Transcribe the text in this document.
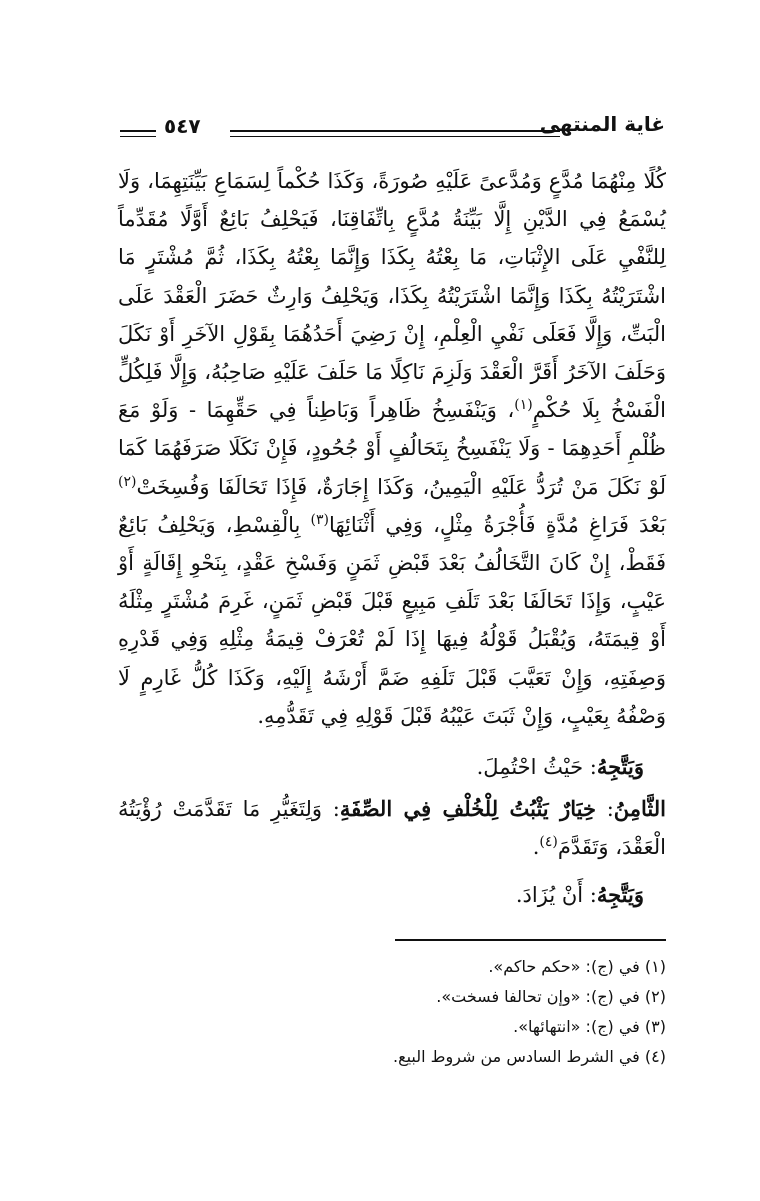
٥٤٧	غاية المنتهى

كُلًا مِنْهُمَا مُدَّعٍ وَمُدَّعىً عَلَيْهِ صُورَةً، وَكَذَا حُكْماً لِسَمَاعِ بَيِّنَتِهِمَا، وَلَا يُسْمَعُ فِي الدَّيْنِ إِلَّا بَيِّنَةُ مُدَّعٍ بِاتِّفَاقِنَا، فَيَحْلِفُ بَائِعٌ أَوَّلًا مُقَدِّماً لِلنَّفْيِ عَلَى الإِثْبَاتِ، مَا بِعْتُهُ بِكَذَا وَإِنَّمَا بِعْتُهُ بِكَذَا، ثُمَّ مُشْتَرٍ مَا اشْتَرَيْتُهُ بِكَذَا وَإِنَّمَا اشْتَرَيْتُهُ بِكَذَا، وَيَحْلِفُ وَارِثٌ حَضَرَ الْعَقْدَ عَلَى الْبَتِّ، وَإِلَّا فَعَلَى نَفْيِ الْعِلْمِ، إِنْ رَضِيَ أَحَدُهُمَا بِقَوْلِ الآخَرِ أَوْ نَكَلَ وَحَلَفَ الآخَرُ أَقَرَّ الْعَقْدَ وَلَزِمَ نَاكِلًا مَا حَلَفَ عَلَيْهِ صَاحِبُهُ، وَإِلَّا فَلِكُلٍّ الْفَسْخُ بِلَا حُكْمٍ$^{(١)}$، وَيَنْفَسِخُ ظَاهِراً وَبَاطِناً فِي حَقِّهِمَا - وَلَوْ مَعَ ظُلْمِ أَحَدِهِمَا - وَلَا يَنْفَسِخُ بِتَحَالُفٍ أَوْ جُحُودٍ، فَإِنْ نَكَلَا صَرَفَهُمَا كَمَا لَوْ نَكَلَ مَنْ تُرَدُّ عَلَيْهِ الْيَمِينُ، وَكَذَا إِجَارَةٌ، فَإِذَا تَحَالَفَا وَفُسِخَتْ$^{(٢)}$ بَعْدَ فَرَاغِ مُدَّةٍ فَأُجْرَةُ مِثْلٍ، وَفِي أَثْنَائِهَا$^{(٣)}$ بِالْقِسْطِ، وَيَحْلِفُ بَائِعٌ فَقَطْ، إِنْ كَانَ التَّخَالُفُ بَعْدَ قَبْضِ ثَمَنٍ وَفَسْخِ عَقْدٍ، بِنَحْوِ إِقَالَةٍ أَوْ عَيْبٍ، وَإِذَا تَحَالَفَا بَعْدَ تَلَفِ مَبِيعٍ قَبْلَ قَبْضِ ثَمَنٍ، غَرِمَ مُشْتَرٍ مِثْلَهُ أَوْ قِيمَتَهُ، وَيُقْبَلُ قَوْلُهُ فِيهَا إِذَا لَمْ تُعْرَفْ قِيمَةُ مِثْلِهِ وَفِي قَدْرِهِ وَصِفَتِهِ، وَإِنْ تَعَيَّبَ قَبْلَ تَلَفِهِ ضَمَّ أَرْشَهُ إِلَيْهِ، وَكَذَا كُلُّ غَارِمٍ لَا وَصْفُهُ بِعَيْبٍ، وَإِنْ ثَبَتَ عَيْبُهُ قَبْلَ قَوْلِهِ فِي تَقَدُّمِهِ.

وَيَتَّجِهُ: حَيْثُ احْتُمِلَ.

الثَّامِنُ: خِيَارٌ يَثْبُتُ لِلْخُلْفِ فِي الصِّفَةِ: وَلِتَغَيُّرِ مَا تَقَدَّمَتْ رُؤْيَتُهُ الْعَقْدَ، وَتَقَدَّمَ$^{(٤)}$.

وَيَتَّجِهُ: أَنْ يُزَادَ.

(١) في (ج): «حكم حاكم».
(٢) في (ج): «وإن تحالفا فسخت».
(٣) في (ج): «انتهائها».
(٤) في الشرط السادس من شروط البيع.
